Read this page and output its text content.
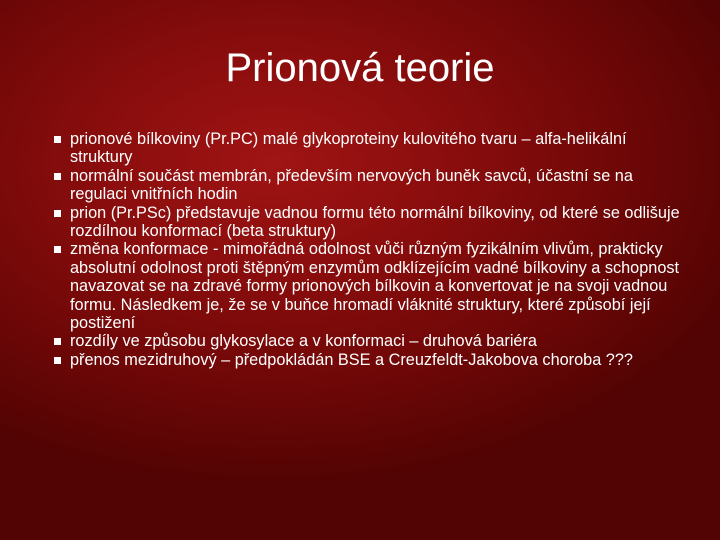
Prionová teorie
prionové bílkoviny (Pr.PC) malé glykoproteiny kulovitého tvaru – alfa-helikální struktury
normální součást membrán, především nervových buněk savců, účastní se na regulaci vnitřních hodin
prion (Pr.PSc) představuje vadnou formu této normální bílkoviny, od které se odlišuje rozdílnou konformací (beta struktury)
změna konformace - mimořádná odolnost vůči různým fyzikálním vlivům, prakticky absolutní odolnost proti štěpným enzymům odklízejícím vadné bílkoviny a schopnost navazovat se na zdravé formy prionových bílkovin a konvertovat je na svoji vadnou formu. Následkem je, že se v buňce hromadí vláknité struktury, které způsobí její postižení
rozdíly ve způsobu glykosylace a v konformaci – druhová bariéra
přenos mezidruhový – předpokládán BSE a Creuzfeldt-Jakobova choroba ???
